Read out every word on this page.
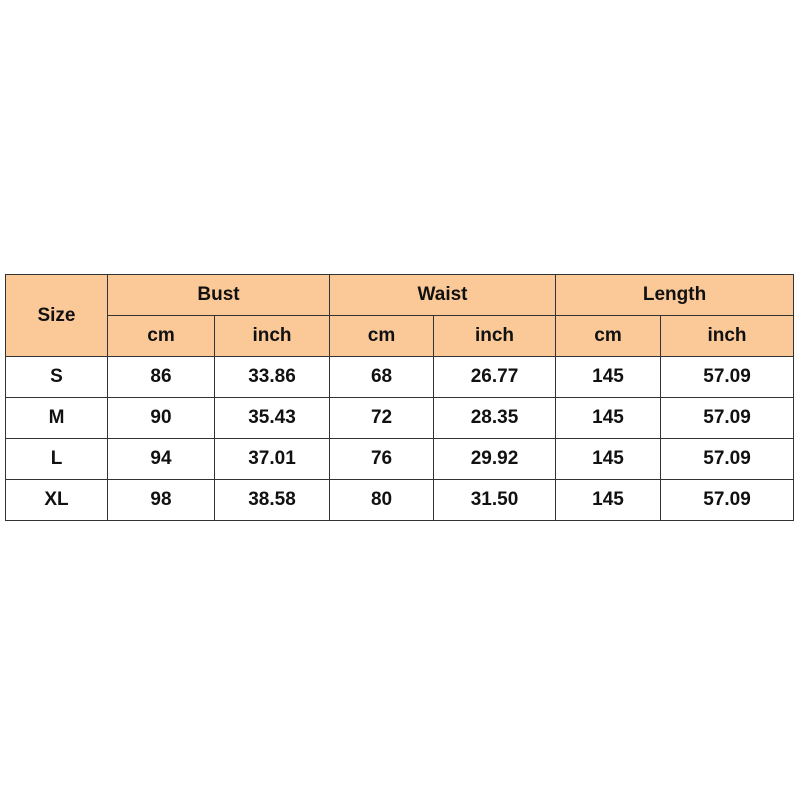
Size	Bust		Waist		Length	
	cm	inch	cm	inch	cm	inch
S	86	33.86	68	26.77	145	57.09
M	90	35.43	72	28.35	145	57.09
L	94	37.01	76	29.92	145	57.09
XL	98	38.58	80	31.50	145	57.09
